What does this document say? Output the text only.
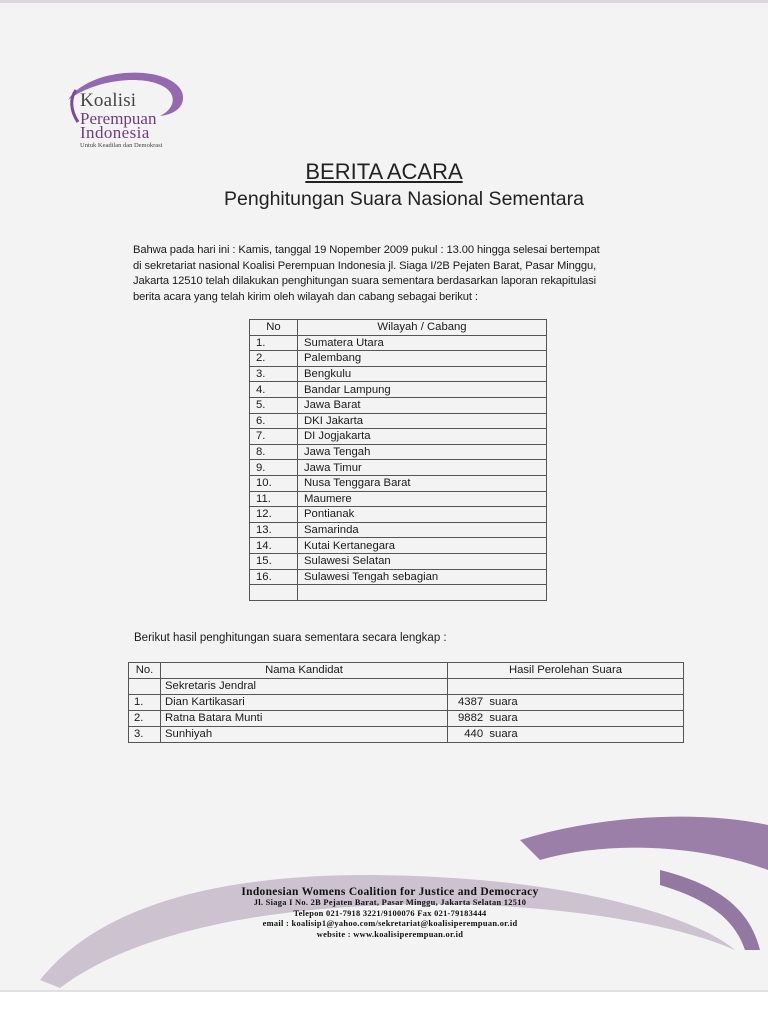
Koalisi
Perempuan
Indonesia
Untuk Keadilan dan Demokrasi
BERITA ACARA
Penghitungan Suara Nasional Sementara
Bahwa pada hari ini : Kamis, tanggal 19 Nopember 2009 pukul : 13.00 hingga selesai bertempat
di sekretariat nasional Koalisi Perempuan Indonesia jl. Siaga I/2B Pejaten Barat, Pasar Minggu,
Jakarta 12510 telah dilakukan penghitungan suara sementara berdasarkan laporan rekapitulasi
berita acara yang telah kirim oleh wilayah dan cabang sebagai berikut :
No	Wilayah / Cabang
1.	Sumatera Utara
2.	Palembang
3.	Bengkulu
4.	Bandar Lampung
5.	Jawa Barat
6.	DKI Jakarta
7.	DI Jogjakarta
8.	Jawa Tengah
9.	Jawa Timur
10.	Nusa Tenggara Barat
11.	Maumere
12.	Pontianak
13.	Samarinda
14.	Kutai Kertanegara
15.	Sulawesi Selatan
16.	Sulawesi Tengah sebagian

Berikut hasil penghitungan suara sementara secara lengkap :
No.	Nama Kandidat	Hasil Perolehan Suara
	Sekretaris Jendral	
1.	Dian Kartikasari	4387  suara
2.	Ratna Batara Munti	9882  suara
3.	Sunhiyah	440  suara
Indonesian Womens Coalition for Justice and Democracy
Jl. Siaga I No. 2B Pejaten Barat, Pasar Minggu, Jakarta Selatan 12510
Telepon 021-7918 3221/9100076 Fax 021-79183444
email : koalisip1@yahoo.com/sekretariat@koalisiperempuan.or.id
website : www.koalisiperempuan.or.id
